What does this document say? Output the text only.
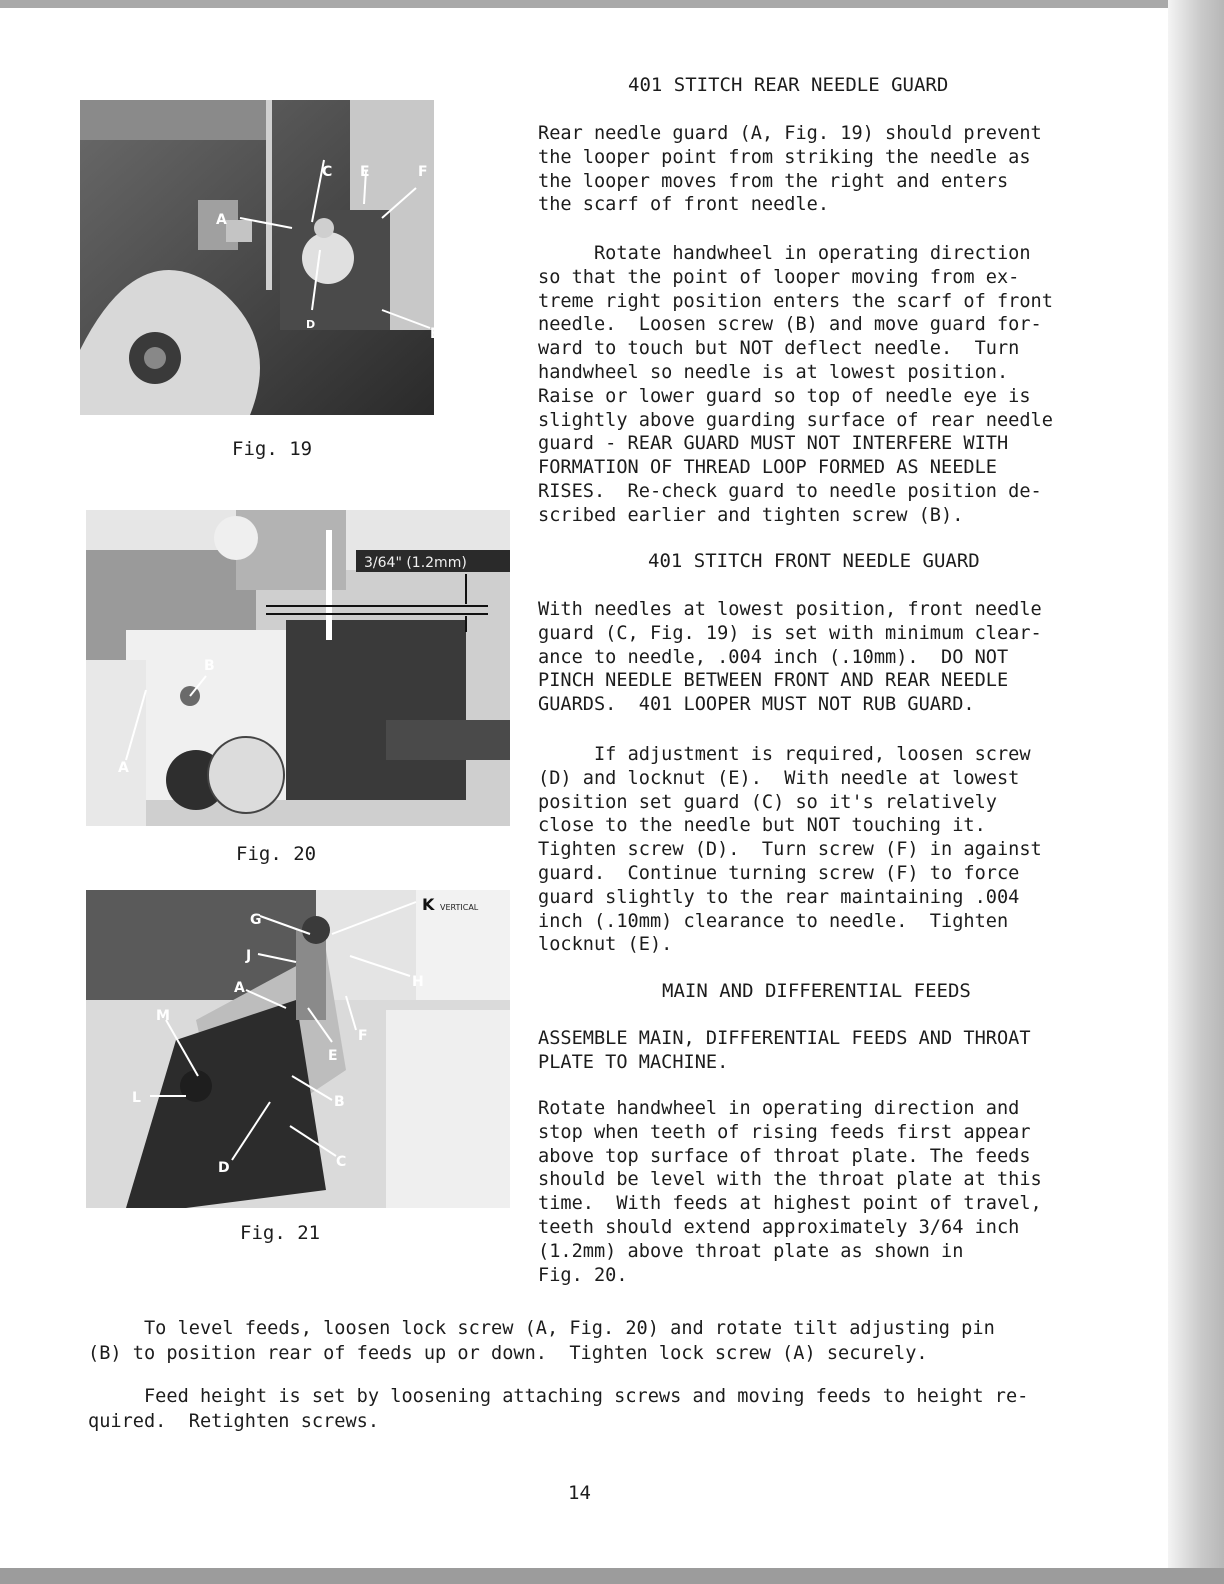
A
C E	F
D
B
Fig. 19
3/64" (1.2mm)
B
A
Fig. 20
G
K VERTICAL
J
H
A
F
E
M
L	B
C
D
Fig. 21
401 STITCH REAR NEEDLE GUARD
Rear needle guard (A, Fig. 19) should prevent
the looper point from striking the needle as
the looper moves from the right and enters
the scarf of front needle.
Rotate handwheel in operating direction
so that the point of looper moving from ex-
treme right position enters the scarf of front
needle.  Loosen screw (B) and move guard for-
ward to touch but NOT deflect needle.  Turn
handwheel so needle is at lowest position.
Raise or lower guard so top of needle eye is
slightly above guarding surface of rear needle
guard - REAR GUARD MUST NOT INTERFERE WITH
FORMATION OF THREAD LOOP FORMED AS NEEDLE
RISES.  Re-check guard to needle position de-
scribed earlier and tighten screw (B).
401 STITCH FRONT NEEDLE GUARD
With needles at lowest position, front needle
guard (C, Fig. 19) is set with minimum clear-
ance to needle, .004 inch (.10mm).  DO NOT
PINCH NEEDLE BETWEEN FRONT AND REAR NEEDLE
GUARDS.  401 LOOPER MUST NOT RUB GUARD.
If adjustment is required, loosen screw
(D) and locknut (E).  With needle at lowest
position set guard (C) so it's relatively
close to the needle but NOT touching it.
Tighten screw (D).  Turn screw (F) in against
guard.  Continue turning screw (F) to force
guard slightly to the rear maintaining .004
inch (.10mm) clearance to needle.  Tighten
locknut (E).
MAIN AND DIFFERENTIAL FEEDS
ASSEMBLE MAIN, DIFFERENTIAL FEEDS AND THROAT
PLATE TO MACHINE.
Rotate handwheel in operating direction and
stop when teeth of rising feeds first appear
above top surface of throat plate. The feeds
should be level with the throat plate at this
time.  With feeds at highest point of travel,
teeth should extend approximately 3/64 inch
(1.2mm) above throat plate as shown in
Fig. 20.
To level feeds, loosen lock screw (A, Fig. 20) and rotate tilt adjusting pin
(B) to position rear of feeds up or down.  Tighten lock screw (A) securely.
Feed height is set by loosening attaching screws and moving feeds to height re-
quired.  Retighten screws.
14
